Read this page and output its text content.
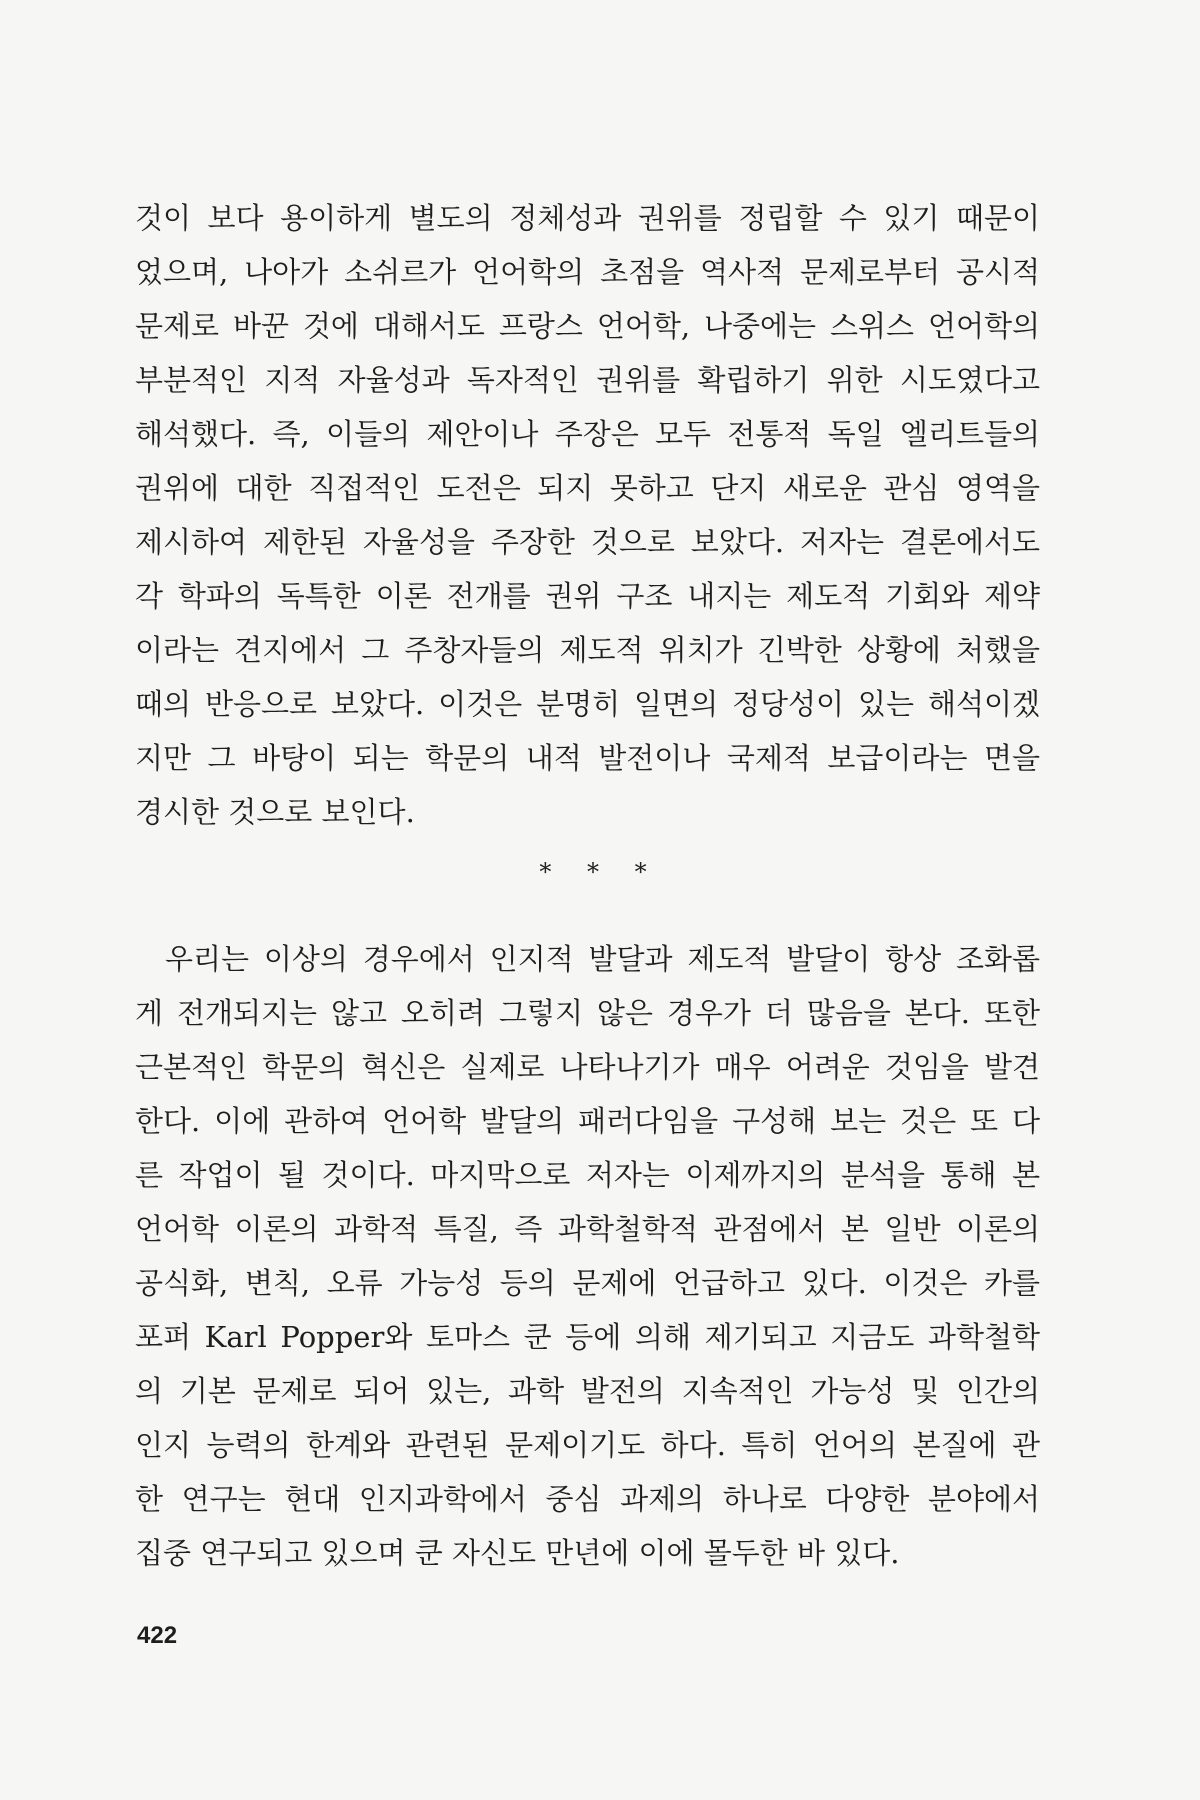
것이 보다 용이하게 별도의 정체성과 권위를 정립할 수 있기 때문이
었으며, 나아가 소쉬르가 언어학의 초점을 역사적 문제로부터 공시적
문제로 바꾼 것에 대해서도 프랑스 언어학, 나중에는 스위스 언어학의
부분적인 지적 자율성과 독자적인 권위를 확립하기 위한 시도였다고
해석했다. 즉, 이들의 제안이나 주장은 모두 전통적 독일 엘리트들의
권위에 대한 직접적인 도전은 되지 못하고 단지 새로운 관심 영역을
제시하여 제한된 자율성을 주장한 것으로 보았다. 저자는 결론에서도
각 학파의 독특한 이론 전개를 권위 구조 내지는 제도적 기회와 제약
이라는 견지에서 그 주창자들의 제도적 위치가 긴박한 상황에 처했을
때의 반응으로 보았다. 이것은 분명히 일면의 정당성이 있는 해석이겠
지만 그 바탕이 되는 학문의 내적 발전이나 국제적 보급이라는 면을
경시한 것으로 보인다.
* * *
우리는 이상의 경우에서 인지적 발달과 제도적 발달이 항상 조화롭
게 전개되지는 않고 오히려 그렇지 않은 경우가 더 많음을 본다. 또한
근본적인 학문의 혁신은 실제로 나타나기가 매우 어려운 것임을 발견
한다. 이에 관하여 언어학 발달의 패러다임을 구성해 보는 것은 또 다
른 작업이 될 것이다. 마지막으로 저자는 이제까지의 분석을 통해 본
언어학 이론의 과학적 특질, 즉 과학철학적 관점에서 본 일반 이론의
공식화, 변칙, 오류 가능성 등의 문제에 언급하고 있다. 이것은 카를
포퍼 Karl Popper와 토마스 쿤 등에 의해 제기되고 지금도 과학철학
의 기본 문제로 되어 있는, 과학 발전의 지속적인 가능성 및 인간의
인지 능력의 한계와 관련된 문제이기도 하다. 특히 언어의 본질에 관
한 연구는 현대 인지과학에서 중심 과제의 하나로 다양한 분야에서
집중 연구되고 있으며 쿤 자신도 만년에 이에 몰두한 바 있다.
422
